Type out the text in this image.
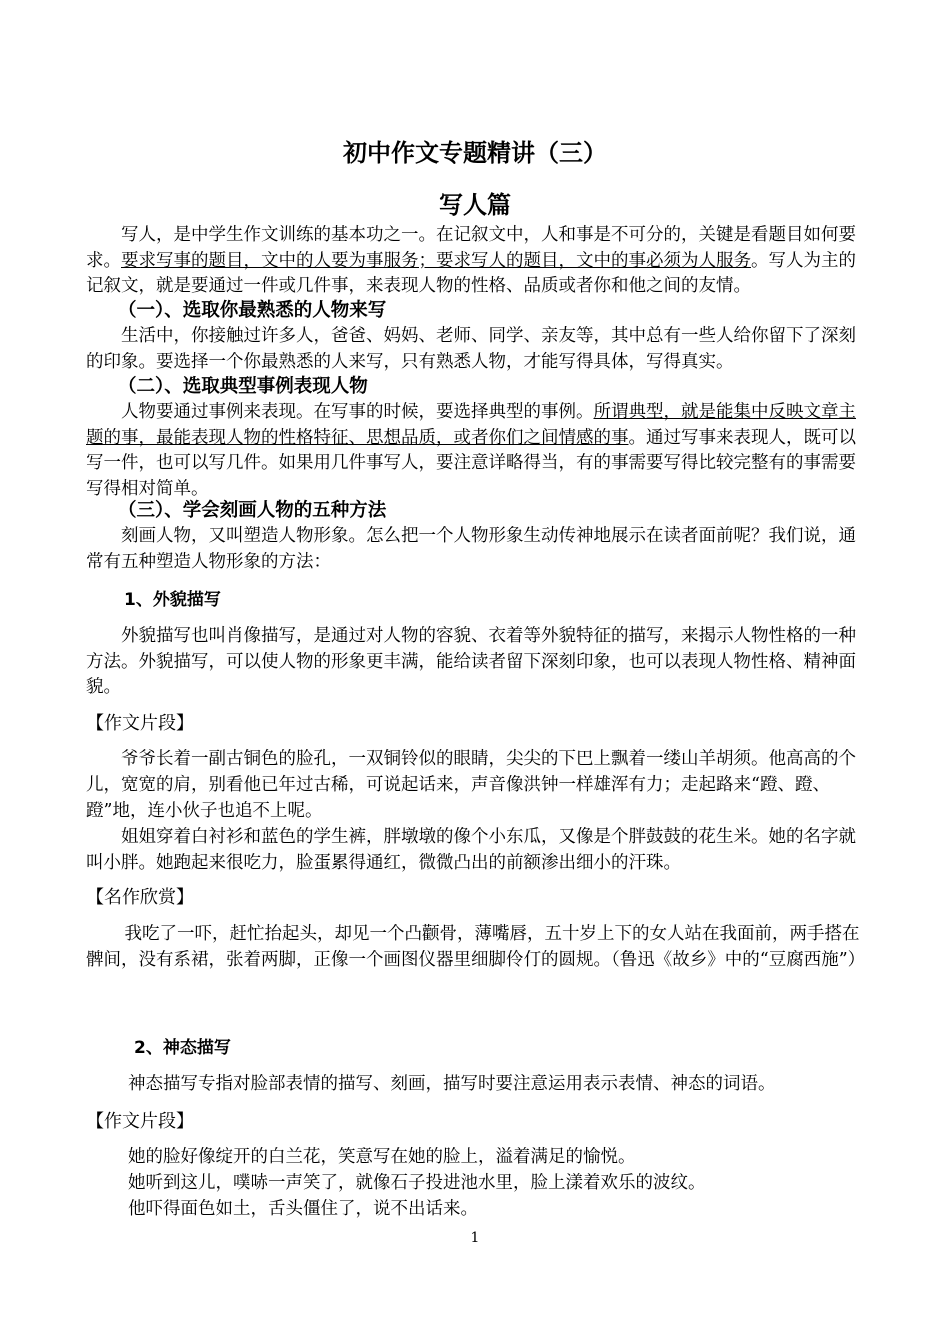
初中作文专题精讲（三）
写人篇

写人，是中学生作文训练的基本功之一。在记叙文中，人和事是不可分的，关键是看题目如何要求。要求写事的题目，文中的人要为事服务；要求写人的题目，文中的事必须为人服务。写人为主的记叙文，就是要通过一件或几件事，来表现人物的性格、品质或者你和他之间的友情。

（一）、选取你最熟悉的人物来写

生活中，你接触过许多人，爸爸、妈妈、老师、同学、亲友等，其中总有一些人给你留下了深刻的印象。要选择一个你最熟悉的人来写，只有熟悉人物，才能写得具体，写得真实。

（二）、选取典型事例表现人物

人物要通过事例来表现。在写事的时候，要选择典型的事例。所谓典型，就是能集中反映文章主题的事，最能表现人物的性格特征、思想品质，或者你们之间情感的事。通过写事来表现人，既可以写一件，也可以写几件。如果用几件事写人，要注意详略得当，有的事需要写得比较完整有的事需要写得相对简单。

（三）、学会刻画人物的五种方法

刻画人物，又叫塑造人物形象。怎么把一个人物形象生动传神地展示在读者面前呢？我们说，通常有五种塑造人物形象的方法：

1、外貌描写

外貌描写也叫肖像描写，是通过对人物的容貌、衣着等外貌特征的描写，来揭示人物性格的一种方法。外貌描写，可以使人物的形象更丰满，能给读者留下深刻印象，也可以表现人物性格、精神面貌。

【作文片段】

爷爷长着一副古铜色的脸孔，一双铜铃似的眼睛，尖尖的下巴上飘着一缕山羊胡须。他高高的个儿，宽宽的肩，别看他已年过古稀，可说起话来，声音像洪钟一样雄浑有力；走起路来“蹬、蹬、蹬”地，连小伙子也追不上呢。

姐姐穿着白衬衫和蓝色的学生裤，胖墩墩的像个小东瓜，又像是个胖鼓鼓的花生米。她的名字就叫小胖。她跑起来很吃力，脸蛋累得通红，微微凸出的前额渗出细小的汗珠。

【名作欣赏】

我吃了一吓，赶忙抬起头，却见一个凸颧骨，薄嘴唇，五十岁上下的女人站在我面前，两手搭在髀间，没有系裙，张着两脚，正像一个画图仪器里细脚伶仃的圆规。（鲁迅《故乡》中的“豆腐西施”）

2、神态描写

神态描写专指对脸部表情的描写、刻画，描写时要注意运用表示表情、神态的词语。

【作文片段】

她的脸好像绽开的白兰花，笑意写在她的脸上，溢着满足的愉悦。

她听到这儿，噗哧一声笑了，就像石子投进池水里，脸上漾着欢乐的波纹。

他吓得面色如土，舌头僵住了，说不出话来。

1
